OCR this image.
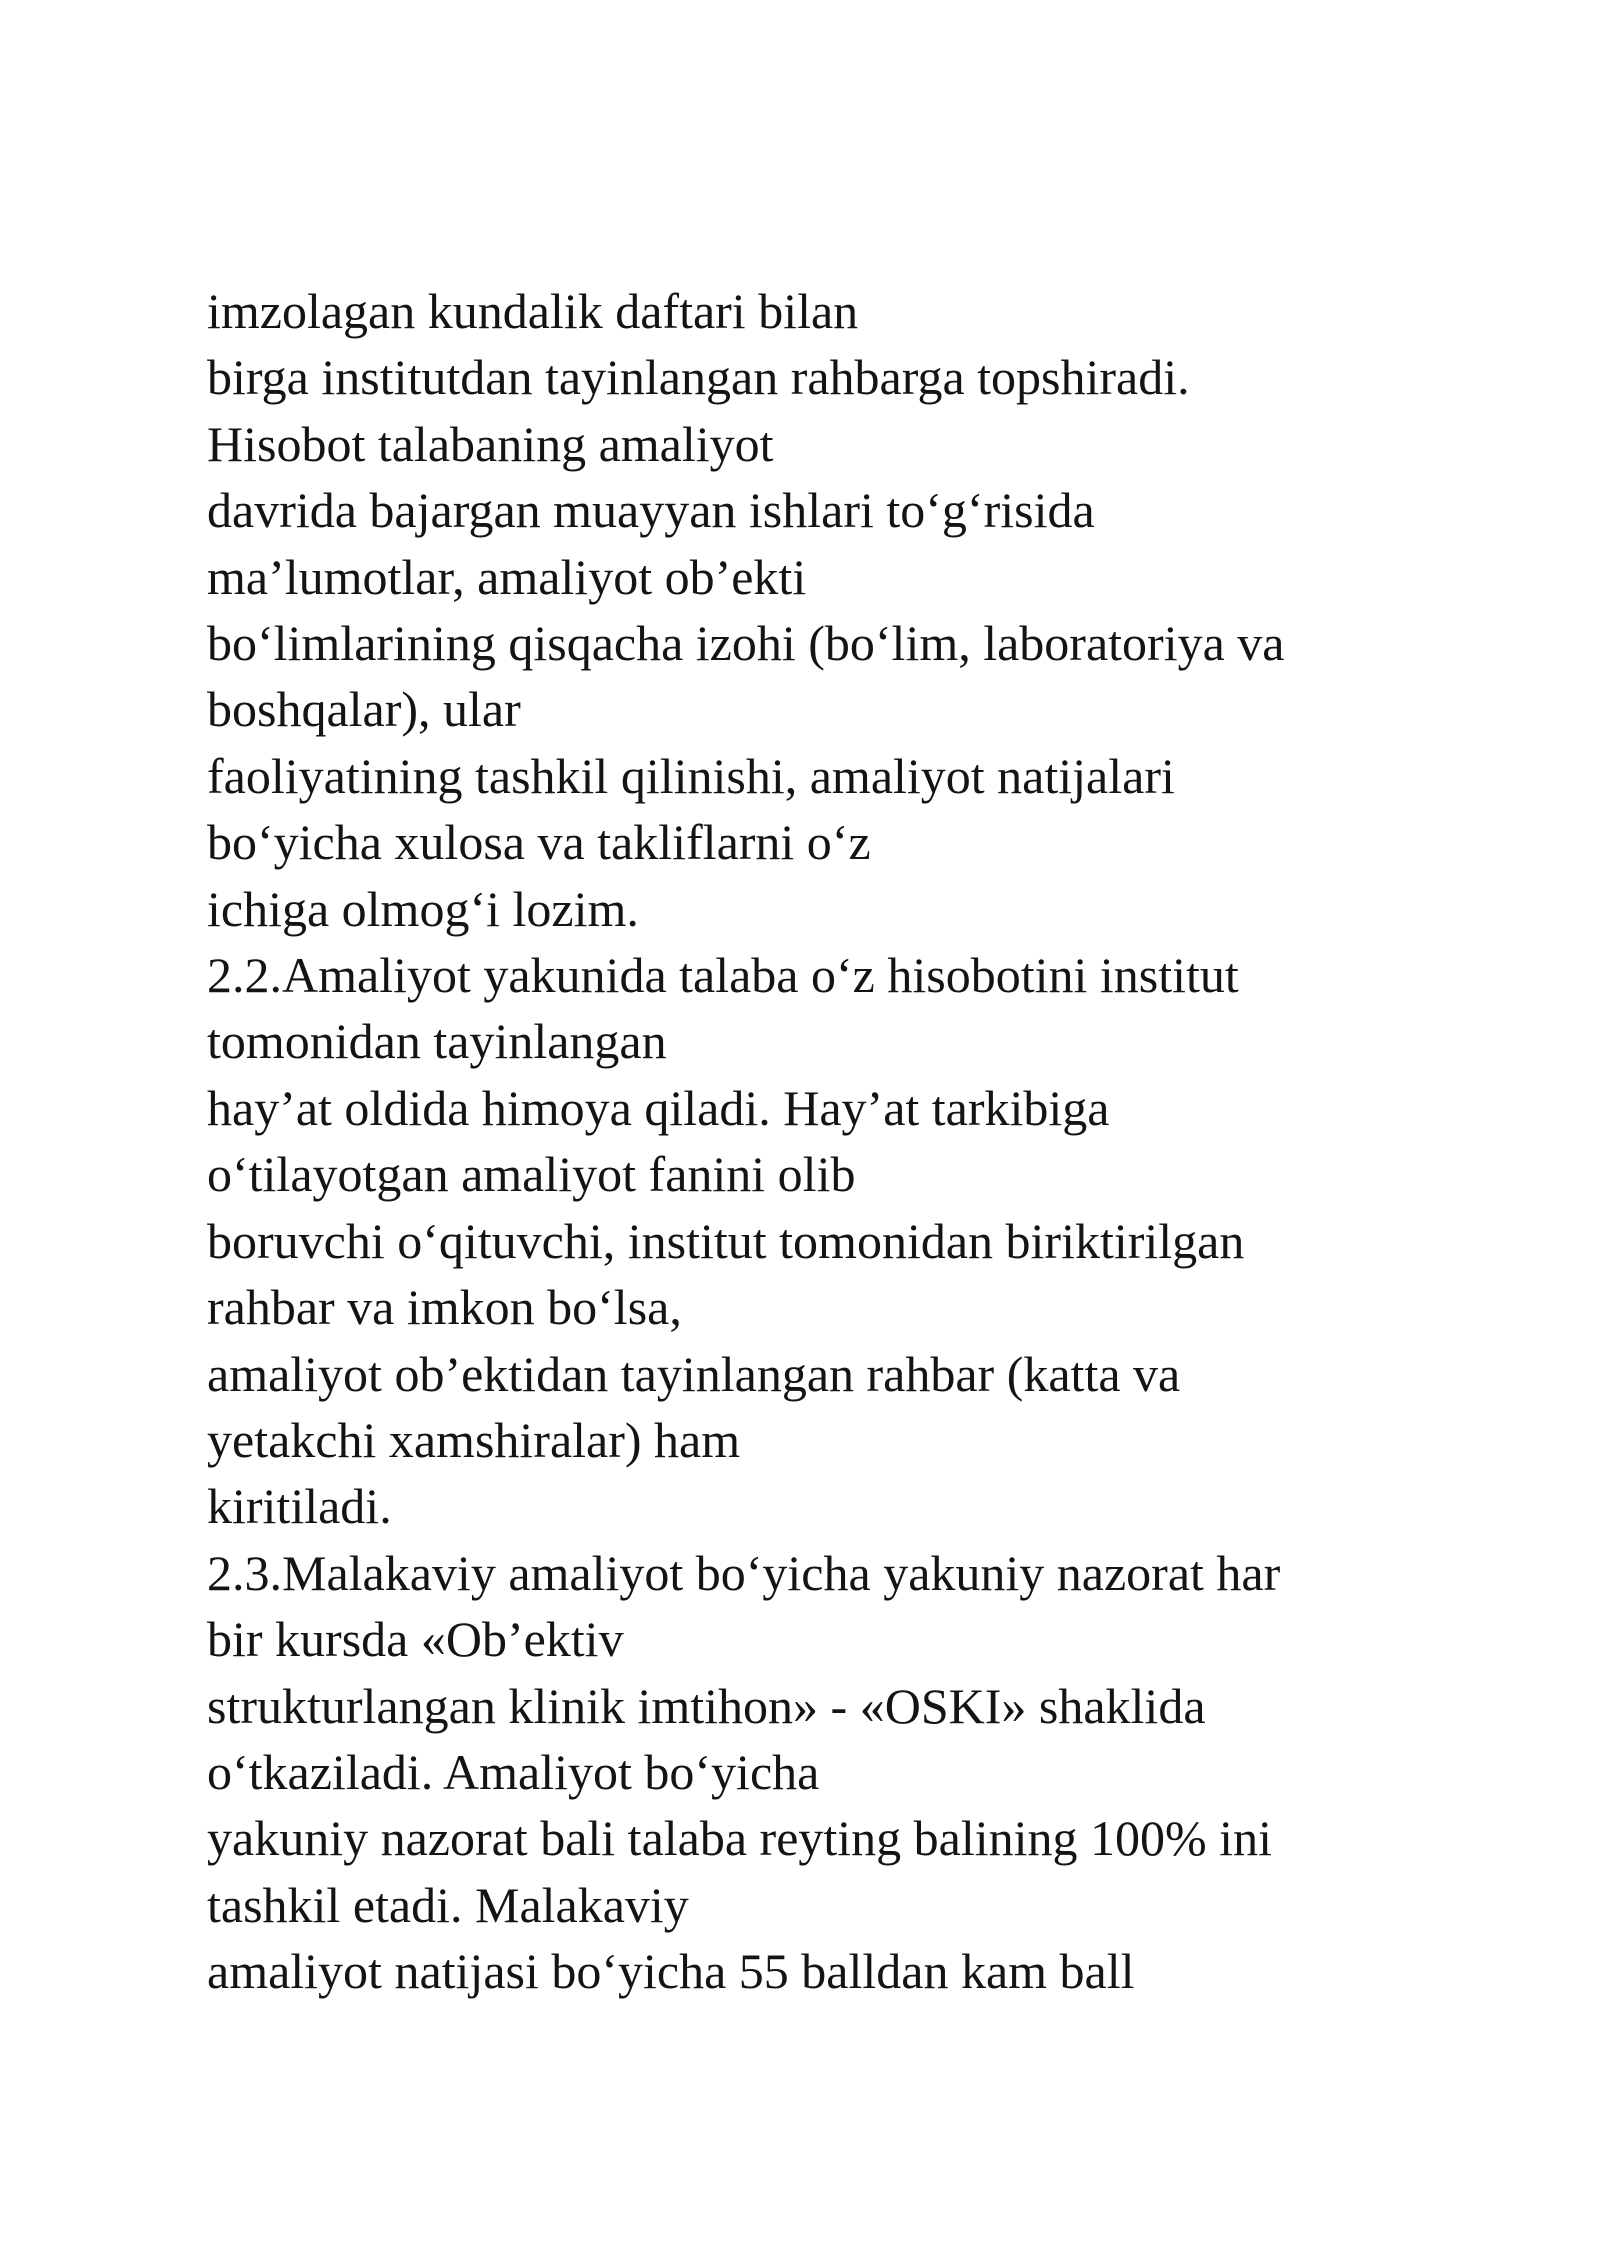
imzolagan kundalik daftari bilan
birga institutdan tayinlangan rahbarga topshiradi.
Hisobot talabaning amaliyot
davrida bajargan muayyan ishlari to‘g‘risida
ma’lumotlar, amaliyot ob’ekti
bo‘limlarining qisqacha izohi (bo‘lim, laboratoriya va
boshqalar), ular
faoliyatining tashkil qilinishi, amaliyot natijalari
bo‘yicha xulosa va takliflarni o‘z
ichiga olmog‘i lozim.
2.2.Amaliyot yakunida talaba o‘z hisobotini institut
tomonidan tayinlangan
hay’at oldida himoya qiladi. Hay’at tarkibiga
o‘tilayotgan amaliyot fanini olib
boruvchi o‘qituvchi, institut tomonidan biriktirilgan
rahbar va imkon bo‘lsa,
amaliyot ob’ektidan tayinlangan rahbar (katta va
yetakchi xamshiralar) ham
kiritiladi.
2.3.Malakaviy amaliyot bo‘yicha yakuniy nazorat har
bir kursda «Ob’ektiv
strukturlangan klinik imtihon» - «OSKI» shaklida
o‘tkaziladi. Amaliyot bo‘yicha
yakuniy nazorat bali talaba reyting balining 100% ini
tashkil etadi. Malakaviy
amaliyot natijasi bo‘yicha 55 balldan kam ball
